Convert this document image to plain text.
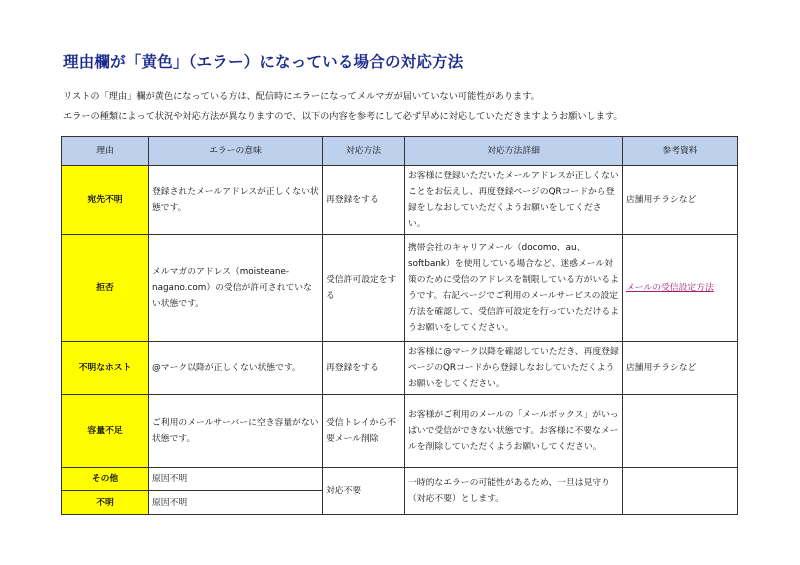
理由欄が「黄色」（エラー）になっている場合の対応方法
リストの「理由」欄が黄色になっている方は、配信時にエラーになってメルマガが届いていない可能性があります。
エラーの種類によって状況や対応方法が異なりますので、以下の内容を参考にして必ず早めに対応していただきますようお願いします。
理由	エラーの意味	対応方法	対応方法詳細	参考資料
宛先不明	登録されたメールアドレスが正しくない状態です。	再登録をする	お客様に登録いただいたメールアドレスが正しくないことをお伝えし、再度登録ページのQRコードから登録をしなおしていただくようお願いをしてください。	店舗用チラシなど
拒否	メルマガのアドレス（moisteane-nagano.com）の受信が許可されていない状態です。	受信許可設定をする	携帯会社のキャリアメール（docomo、au、softbank）を使用している場合など、迷惑メール対策のために受信のアドレスを制限している方がいるようです。右記ページでご利用のメールサービスの設定方法を確認して、受信許可設定を行っていただけるようお願いをしてください。	メールの受信設定方法
不明なホスト	@マーク以降が正しくない状態です。	再登録をする	お客様に@マーク以降を確認していただき、再度登録ページのQRコードから登録しなおしていただくようお願いをしてください。	店舗用チラシなど
容量不足	ご利用のメールサーバーに空き容量がない状態です。	受信トレイから不要メール削除	お客様がご利用のメールの「メールボックス」がいっぱいで受信ができない状態です。お客様に不要なメールを削除していただくようお願いしてください。	
その他	原因不明	対応不要	一時的なエラーの可能性があるため、一旦は見守り（対応不要）とします。	
不明	原因不明			
